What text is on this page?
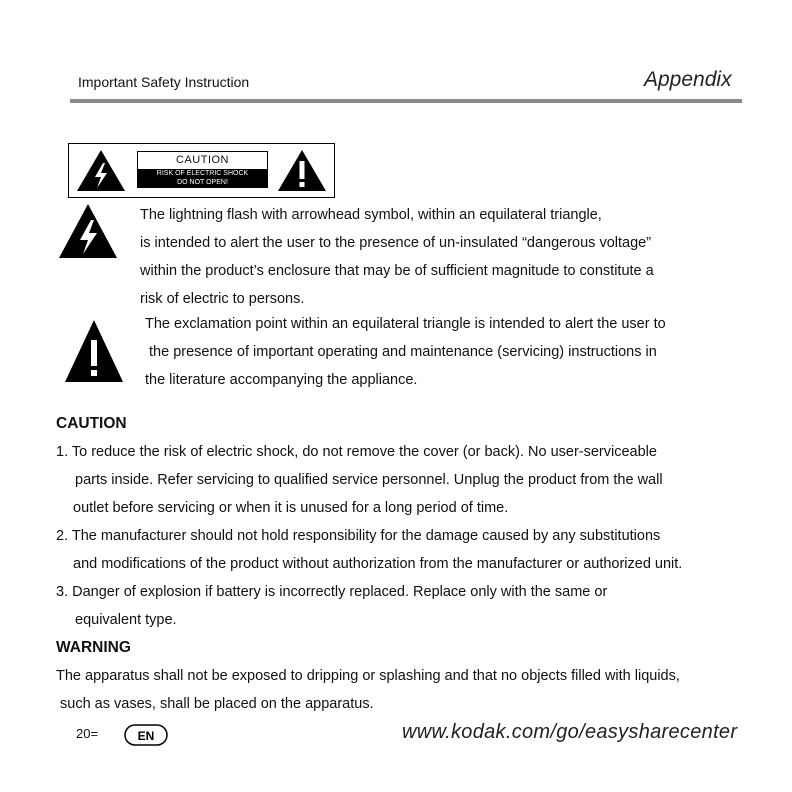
Important Safety Instruction	Appendix
CAUTION
RISK OF ELECTRIC SHOCK
DO NOT OPEN!
The lightning flash with arrowhead symbol, within an equilateral triangle,
is intended to alert the user to the presence of un-insulated “dangerous voltage”
within the product’s enclosure that may be of sufficient magnitude to constitute a
risk of electric to persons.
The exclamation point within an equilateral triangle is intended to alert the user to
the presence of important operating and maintenance (servicing) instructions in
the literature accompanying the appliance.
CAUTION
1. To reduce the risk of electric shock, do not remove the cover (or back). No user-serviceable
parts inside. Refer servicing to qualified service personnel. Unplug the product from the wall
outlet before servicing or when it is unused for a long period of time.
2. The manufacturer should not hold responsibility for the damage caused by any substitutions
and modifications of the product without authorization from the manufacturer or authorized unit.
3. Danger of explosion if battery is incorrectly replaced. Replace only with the same or
equivalent type.
WARNING
The apparatus shall not be exposed to dripping or splashing and that no objects filled with liquids,
such as vases, shall be placed on the apparatus.
20=	EN	www.kodak.com/go/easysharecenter
